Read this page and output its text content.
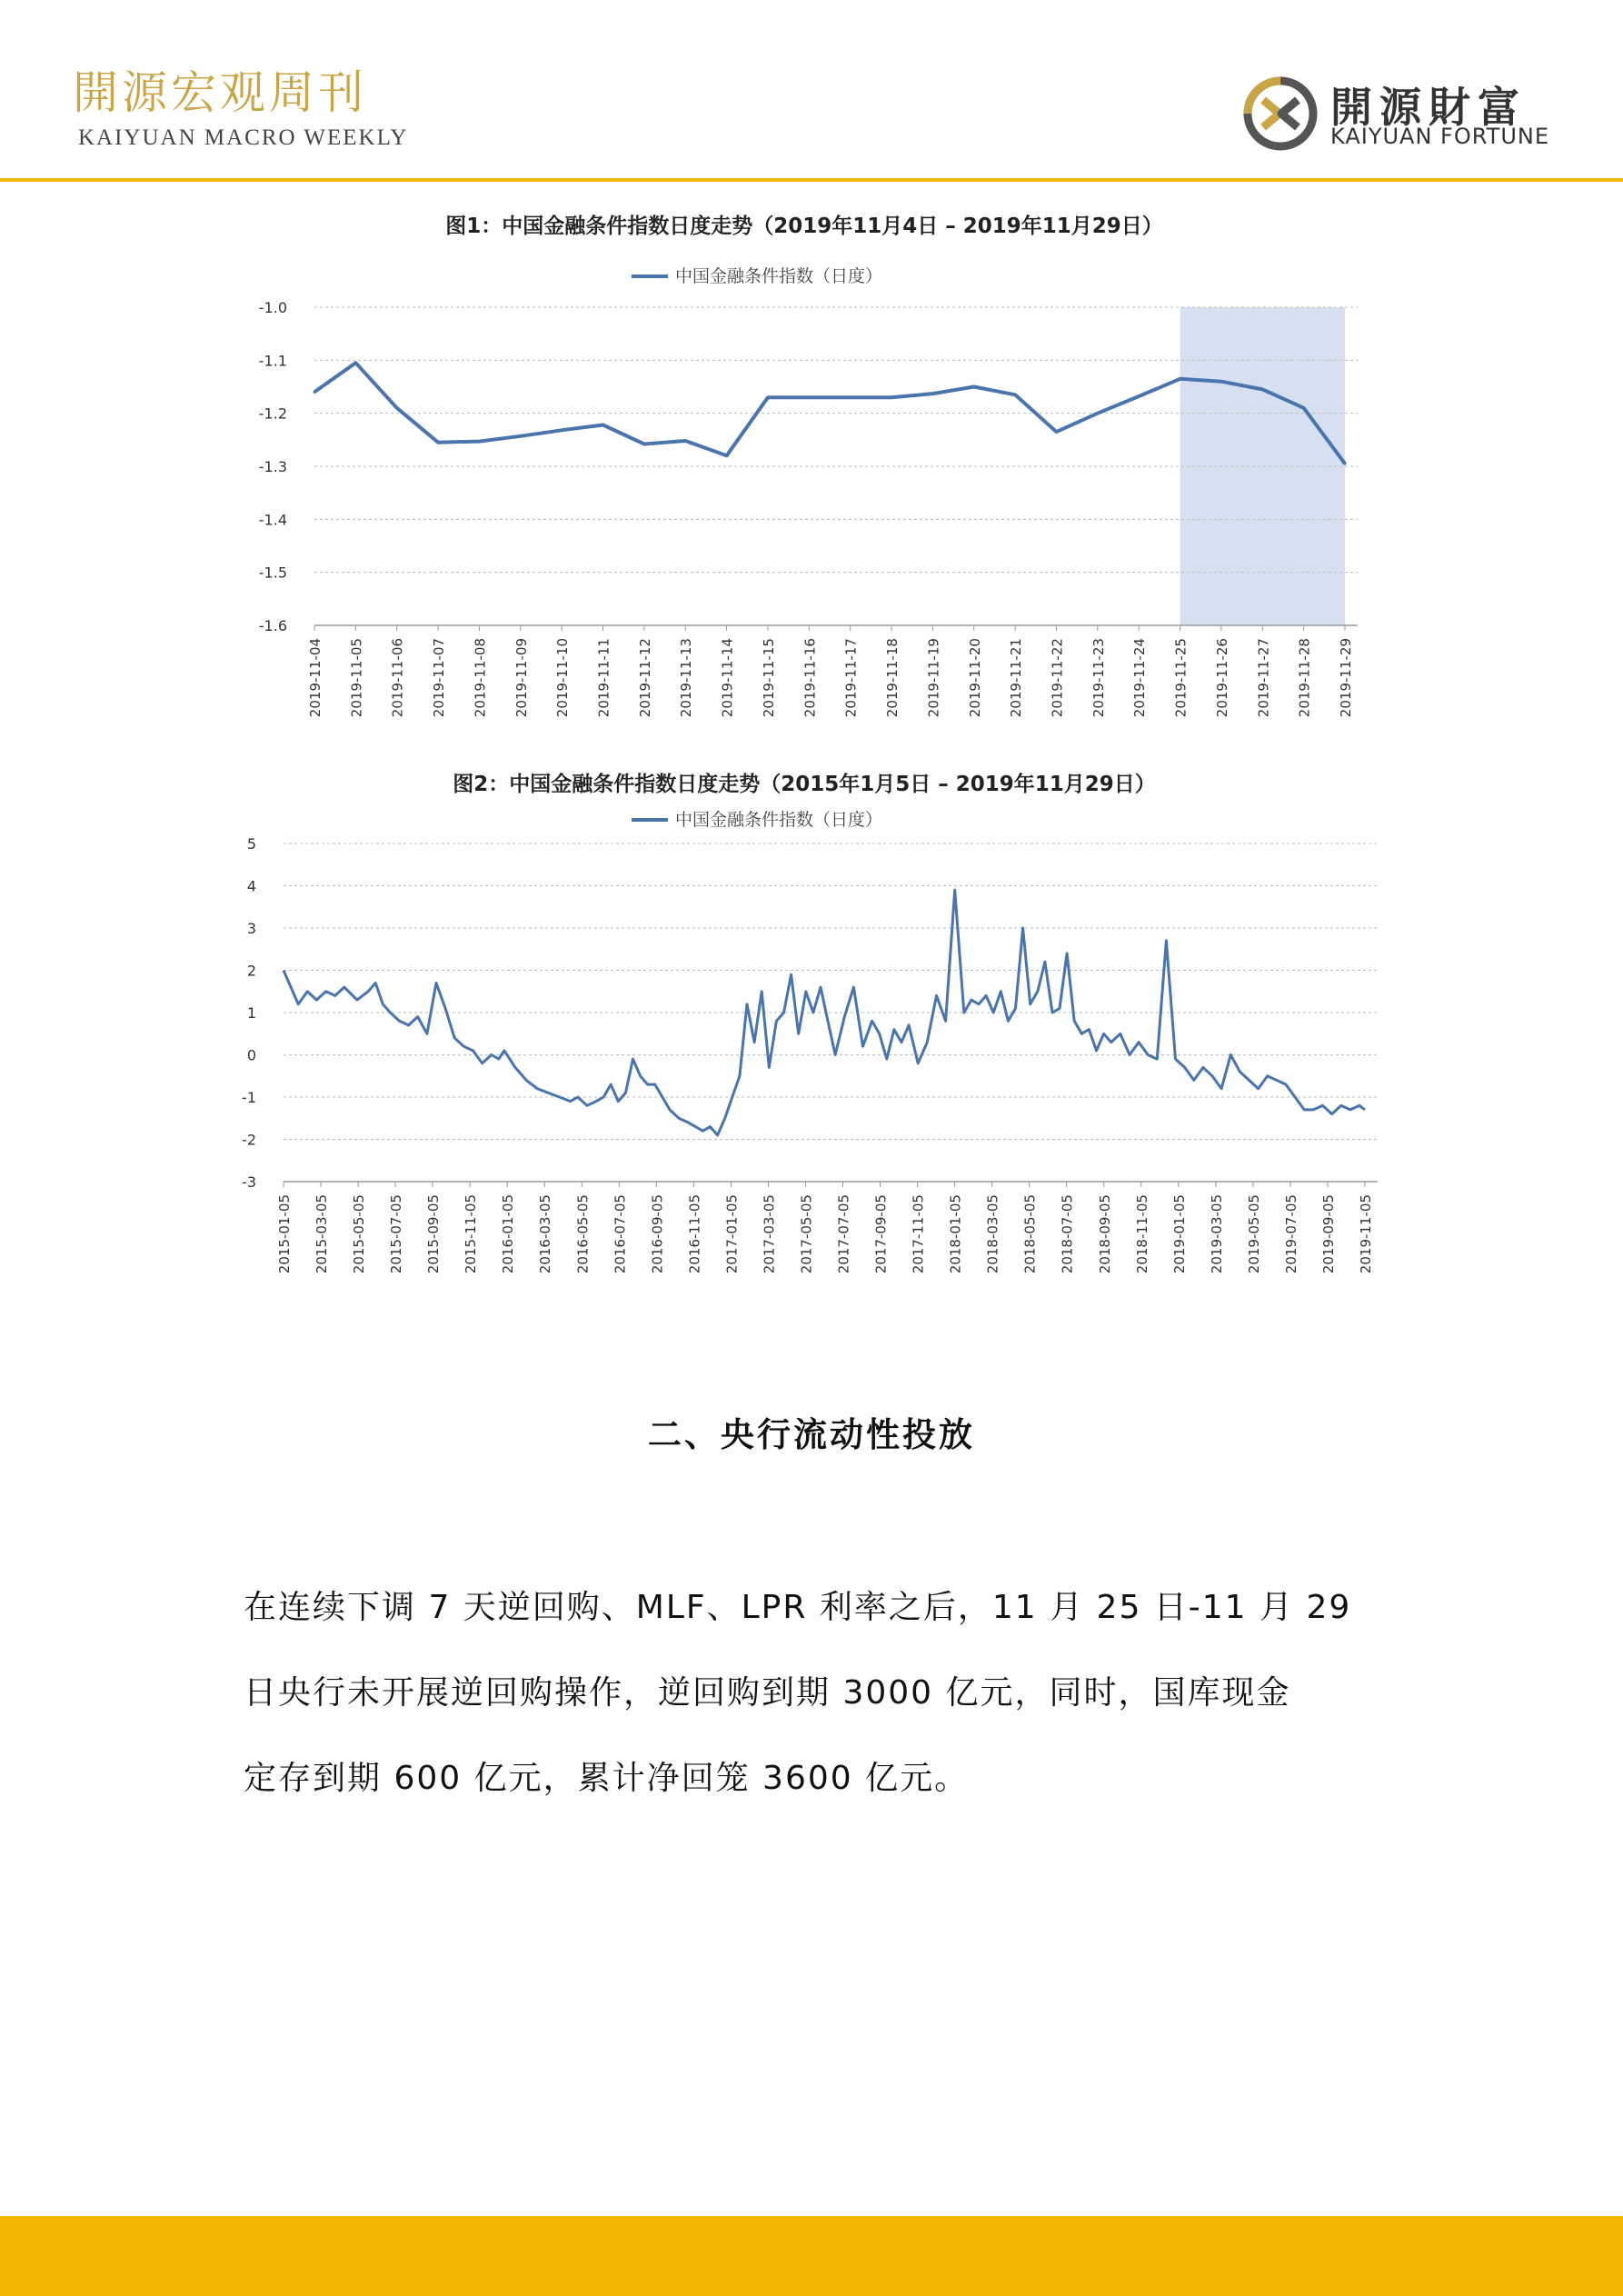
開源宏观周刊
KAIYUAN MACRO WEEKLY
開源財富
KAIYUAN FORTUNE
图1：中国金融条件指数日度走势（2019年11月4日 – 2019年11月29日）
中国金融条件指数（日度）
-1.0
-1.1
-1.2
-1.3
-1.4
-1.5
-1.6
2019-11-04 2019-11-05 2019-11-06 2019-11-07 2019-11-08 2019-11-09 2019-11-10 2019-11-11 2019-11-12 2019-11-13 2019-11-14 2019-11-15 2019-11-16 2019-11-17 2019-11-18 2019-11-19 2019-11-20 2019-11-21 2019-11-22 2019-11-23 2019-11-24 2019-11-25 2019-11-26 2019-11-27 2019-11-28 2019-11-29
图2：中国金融条件指数日度走势（2015年1月5日 – 2019年11月29日）
中国金融条件指数（日度）
5
4
3
2
1
0
-1
-2
-3
2015-01-05 2015-03-05 2015-05-05 2015-07-05 2015-09-05 2015-11-05 2016-01-05 2016-03-05 2016-05-05 2016-07-05 2016-09-05 2016-11-05 2017-01-05 2017-03-05 2017-05-05 2017-07-05 2017-09-05 2017-11-05 2018-01-05 2018-03-05 2018-05-05 2018-07-05 2018-09-05 2018-11-05 2019-01-05 2019-03-05 2019-05-05 2019-07-05 2019-09-05 2019-11-05
二、央行流动性投放
在连续下调 7 天逆回购、MLF、LPR 利率之后，11 月 25 日-11 月 29
日央行未开展逆回购操作，逆回购到期 3000 亿元，同时，国库现金
定存到期 600 亿元，累计净回笼 3600 亿元。
